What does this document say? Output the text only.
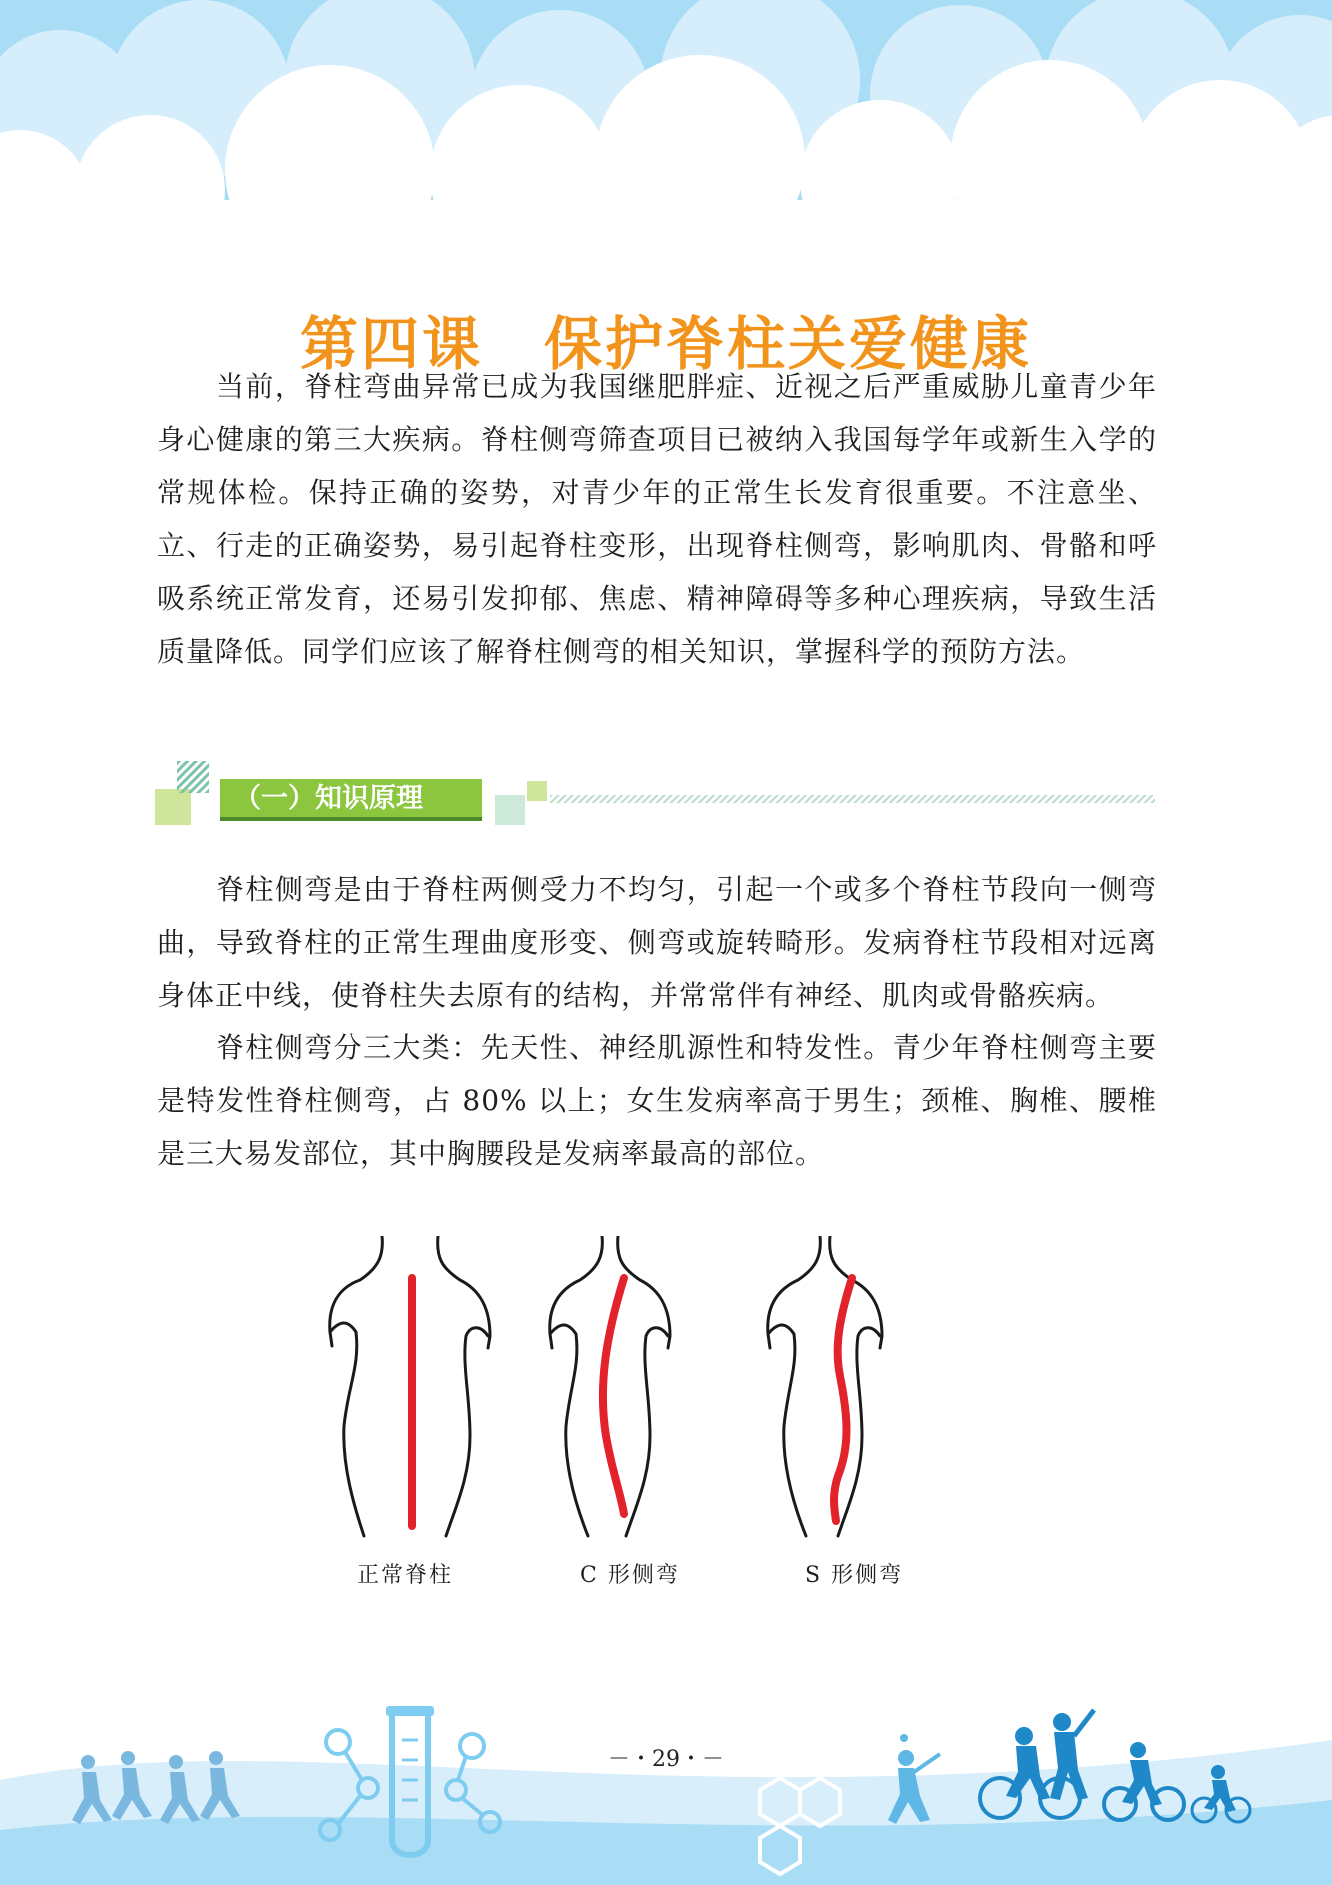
第四课　保护脊柱关爱健康

当前，脊柱弯曲异常已成为我国继肥胖症、近视之后严重威胁儿童青少年身心健康的第三大疾病。脊柱侧弯筛查项目已被纳入我国每学年或新生入学的常规体检。保持正确的姿势，对青少年的正常生长发育很重要。不注意坐、立、行走的正确姿势，易引起脊柱变形，出现脊柱侧弯，影响肌肉、骨骼和呼吸系统正常发育，还易引发抑郁、焦虑、精神障碍等多种心理疾病，导致生活质量降低。同学们应该了解脊柱侧弯的相关知识，掌握科学的预防方法。

（一）知识原理

脊柱侧弯是由于脊柱两侧受力不均匀，引起一个或多个脊柱节段向一侧弯曲，导致脊柱的正常生理曲度形变、侧弯或旋转畸形。发病脊柱节段相对远离身体正中线，使脊柱失去原有的结构，并常常伴有神经、肌肉或骨骼疾病。

脊柱侧弯分三大类：先天性、神经肌源性和特发性。青少年脊柱侧弯主要是特发性脊柱侧弯，占 80% 以上；女生发病率高于男生；颈椎、胸椎、腰椎是三大易发部位，其中胸腰段是发病率最高的部位。

正常脊柱	C 形侧弯	S 形侧弯
－・29・－
